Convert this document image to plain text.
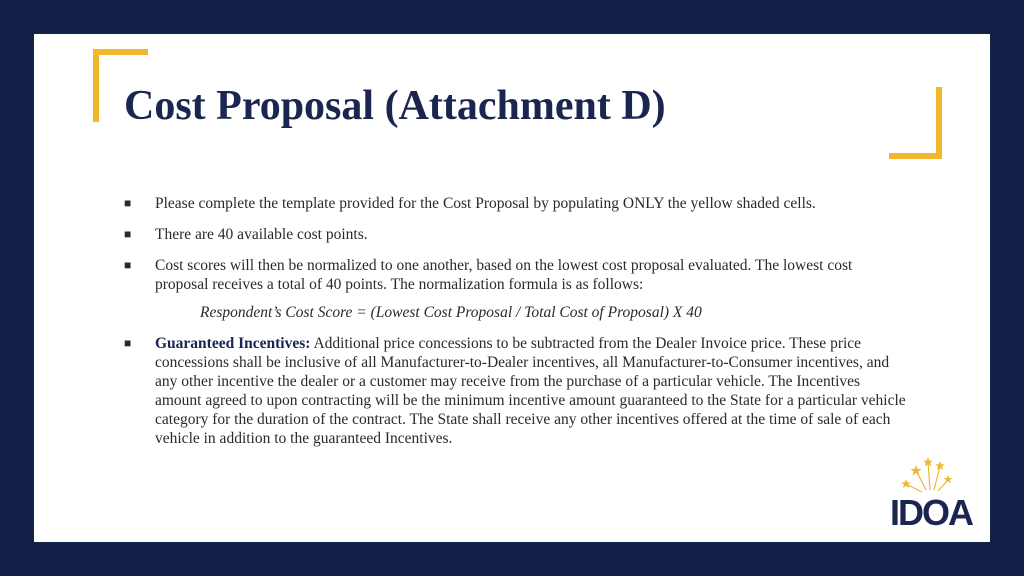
Cost Proposal (Attachment D)
■ Please complete the template provided for the Cost Proposal by populating ONLY the yellow shaded cells.
■ There are 40 available cost points.
■ Cost scores will then be normalized to one another, based on the lowest cost proposal evaluated. The lowest cost proposal receives a total of 40 points. The normalization formula is as follows:
Respondent’s Cost Score = (Lowest Cost Proposal / Total Cost of Proposal) X 40
■ Guaranteed Incentives: Additional price concessions to be subtracted from the Dealer Invoice price. These price concessions shall be inclusive of all Manufacturer-to-Dealer incentives, all Manufacturer-to-Consumer incentives, and any other incentive the dealer or a customer may receive from the purchase of a particular vehicle. The Incentives amount agreed to upon contracting will be the minimum incentive amount guaranteed to the State for a particular vehicle category for the duration of the contract. The State shall receive any other incentives offered at the time of sale of each vehicle in addition to the guaranteed Incentives.
IDOA
